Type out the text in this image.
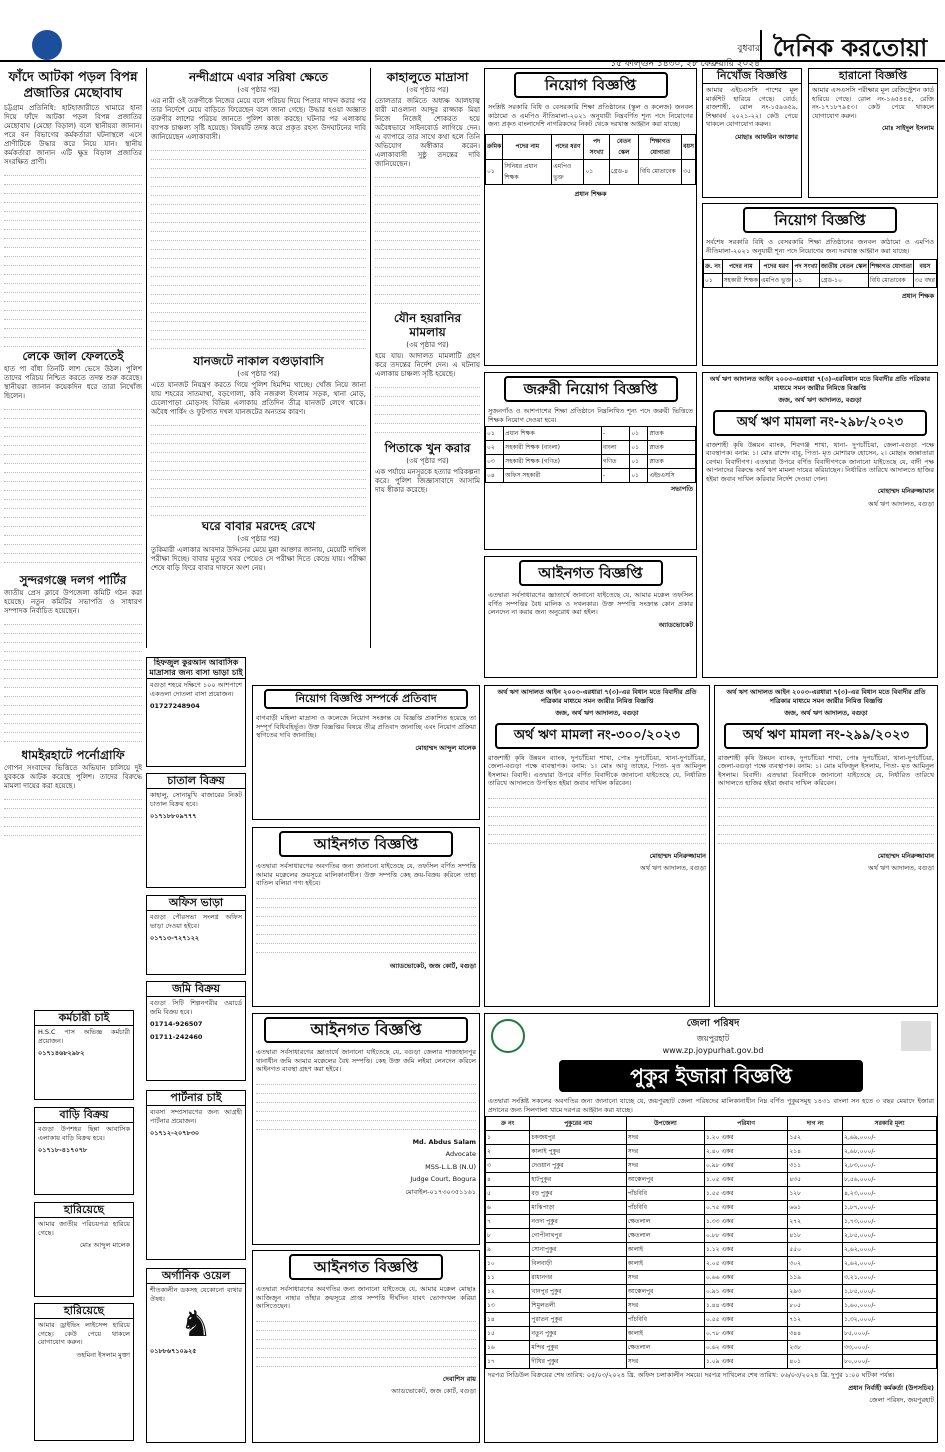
বুধবার
১৫ ফাল্গুন ১৪৩০, ২৮ ফেব্রুয়ারি ২০২৪
দৈনিক করতোয়া
ফাঁদে আটকা পড়ল বিপন্ন প্রজাতির মেছোবাঘ
চট্টগ্রাম প্রতিনিধি: হাটহাজারীতে খামারে হানা দিয়ে ফাঁদে আটকা পড়ল বিপন্ন প্রজাতির মেছোবাঘ (মেছো বিড়াল) বলে স্থানীয়রা জানান। পরে বন বিভাগের কর্মকর্তারা ঘটনাস্থলে এসে প্রাণীটিকে উদ্ধার করে নিয়ে যান। স্থানীয় কর্মকর্তারা জানান এটি ক্ষুদ্র বিড়াল প্রজাতির সংরক্ষিত প্রাণী।
লেকে জাল ফেলতেই
হাত পা বাঁধা তিনটি লাশ ভেসে উঠল। পুলিশ তাদের পরিচয় নিশ্চিত করতে তদন্ত শুরু করেছে। স্থানীয়রা জানান কয়েকদিন ধরে তারা নিখোঁজ ছিলেন।
সুন্দরগঞ্জে দলগ পার্টির
জাতীয় প্রেস ক্লাবে উপজেলা কমিটি গঠন করা হয়েছে। নতুন কমিটির সভাপতি ও সাধারণ সম্পাদক নির্বাচিত হয়েছেন।
ধামইরহাটে পর্নোগ্রাফি
গোপন সংবাদের ভিত্তিতে অভিযান চালিয়ে দুই যুবককে আটক করেছে পুলিশ। তাদের বিরুদ্ধে মামলা দায়ের করা হয়েছে।
কর্মচারী চাই
H.S.C পাস অভিজ্ঞ কর্মচারী প্রয়োজন।
০১৭১৪৬৮২৯৮২
বাড়ি বিক্রয়
বগুড়া উপশহর ছিন্না আবাসিক এলাকায় বাড়ি বিক্রয় হবে।
০১৭১৮-৪১৭০৭৮
হারিয়েছে
আমার জাতীয় পরিচয়পত্র হারিয়ে গেছে।
মোঃ আব্দুল মালেক
হারিয়েছে
আমার ড্রাইভিং লাইসেন্স হারিয়ে গেছে। কেউ পেয়ে থাকলে যোগাযোগ করুন।
তহমিনা ইসলাম মুক্তা
নন্দীগ্রামে এবার সরিষা ক্ষেতে
(৩য় পৃষ্ঠার পর)
এর নারী ওই তরুণীকে নিজের মেয়ে বলে পরিচয় দিয়ে পিতার দাফন করার পর তার নির্দেশে মেয়ে বাড়িতে ফিরেছেন বলে জানা গেছে। উদ্ধার হওয়া অজ্ঞাত তরুণীর লাশের পরিচয় জানতে পুলিশ কাজ করছে। ঘটনার পর এলাকায় ব্যাপক চাঞ্চল্য সৃষ্টি হয়েছে। বিষয়টি তদন্ত করে প্রকৃত রহস্য উদঘাটনের দাবি জানিয়েছেন এলাকাবাসী।
যানজটে নাকাল বগুড়াবাসি
(৩য় পৃষ্ঠার পর)
এতে যানজট নিয়ন্ত্রণ করতে গিয়ে পুলিশ হিমশিম খাচ্ছে। খোঁজ নিয়ে জানা যায় শহরের সাতমাথা, বড়গোলা, কবি নজরুল ইসলাম সড়ক, থানা মোড়, চেলোপাড়া মোড়সহ বিভিন্ন এলাকায় প্রতিদিন তীব্র যানজট লেগে থাকে। অবৈধ পার্কিং ও ফুটপাত দখল যানজটের অন্যতম কারণ।
ঘরে বাবার মরদেহ রেখে
(৩য় পৃষ্ঠার পর)
তুকিমারী এলাকার আবদার উদ্দিনের মেয়ে মুন্না আক্তার জানায়, মেয়েটি দাখিল পরীক্ষা দিচ্ছে। বাবার মৃত্যুর খবর পেয়েও সে পরীক্ষা দিতে কেন্দ্রে যায়। পরীক্ষা শেষে বাড়ি ফিরে বাবার দাফনে অংশ নেয়।
হিফজুল কুরআন আবাসিক মাদ্রাসার জন্য বাসা ভাড়া চাই
বগুড়া শহরে দক্ষিণে ১০০ আশপাশে একতলা দোতলা বাসা প্রয়োজন।
01727248904
চাতাল বিক্রয়
কাহালু, সোনামুখি বাজারের নিকট চাতাল বিক্রয় হবে।
০১৭১৮৮০৯৭৭৭
অফিস ভাড়া
বগুড়া পৌরসভা সংলগ্ন অফিস ভাড়া দেওয়া হইবে।
০১৭১৩-৭২৭১২২
জমি বিক্রয়
বগুড়া সিটি শিল্পনগরীর ওয়ার্ডে জমি বিক্রয় হবে।
01714-926507
01711-242460
পার্টনার চাই
ব্যবসা সম্প্রসারণের জন্য আগ্রহী পার্টনার প্রয়োজন।
০১৭১২-২০৭৮৩০
অর্গানিক ওয়েল
শীতকালীন ডকসহ যেকোনো ব্যথার ঔষধ।
♞
০১৮৮৬৭১০৯২৫
কাহালুতে মাদ্রাসা
(৩য় পৃষ্ঠার পর)
তোলতার জমিতে অধ্যক্ষ আলহাজ্ব বারী মাওলানা আব্দুর রাজ্জাক মিয়া নিজে নিজেই শোকরত হয়ে অবৈধভাবে সাইনবোর্ড লাগিয়ে দেন। এ ব্যাপারে তার সাথে কথা হলে তিনি অভিযোগ অস্বীকার করেন। এলাকাবাসী সুষ্ঠু তদন্তের দাবি জানিয়েছেন।
যৌন হয়রানির মামলায়
(৩য় পৃষ্ঠার পর)
হয়ে যায়। আদালত মামলাটি গ্রহণ করে তদন্তের নির্দেশ দেন। এ ঘটনায় এলাকায় চাঞ্চল্য সৃষ্টি হয়েছে।
পিতাকে খুন করার
(৩য় পৃষ্ঠার পর)
এক পর্যায়ে মনসুরকে হত্যার পরিকল্পনা করে। পুলিশ জিজ্ঞাসাবাদে আসামি দায় স্বীকার করেছে।
নিয়োগ বিজ্ঞপ্তি
সংশ্লিষ্ট সরকারি বিধি ও বেসরকারি শিক্ষা প্রতিষ্ঠানের (স্কুল ও কলেজ) জনবল কাঠামো ও এমপিও নীতিমালা-২০২১ অনুযায়ী নিম্নবর্ণিত শূন্য পদে নিয়োগের জন্য প্রকৃত বাংলাদেশি নাগরিকদের নিকট থেকে দরখাস্ত আহ্বান করা যাচ্ছে।
ক্রমিক	পদের নাম	পদের ধরণ	পদ সংখ্যা	বেতন স্কেল	শিক্ষাগত যোগ্যতা	বয়স
০১	সিনিয়র প্রধান শিক্ষক	এমপিও ভুক্ত	০১	গ্রেড-৪	বিধি মোতাবেক	৩৫
প্রধান শিক্ষক
নিখোঁজ বিজ্ঞপ্তি
আমার এইচএসসি পাশের মূল মার্কশিট হারিয়ে গেছে। বোর্ড: রাজশাহী, রোল নং-১৫৯৬৫৯, শিক্ষাবর্ষ ২০২১-২২। কেউ পেয়ে থাকলে যোগাযোগ করুন।
মোছাঃ আফরিন আক্তার
হারানো বিজ্ঞপ্তি
আমার এসএসসি পরীক্ষার মূল রেজিস্ট্রেশন কার্ড হারিয়ে গেছে। রোল নং-১৬৫৪৪৫, রেজি নং-১৭১৮৭৯৫৩। কেউ পেয়ে থাকলে যোগাযোগ করুন।
মোঃ সাইদুল ইসলাম
নিয়োগ বিজ্ঞপ্তি
সর্বশেষ সরকারি বিধি ও বেসরকারি শিক্ষা প্রতিষ্ঠানের জনবল কাঠামো ও এমপিও নীতিমালা-২০২১ অনুযায়ী শূন্য পদে নিয়োগের জন্য দরখাস্ত আহ্বান করা যাচ্ছে।
ক্র. নং	পদের নাম	পদের ধরণ	পদ সংখ্যা	জাতীয় বেতন স্কেল	শিক্ষাগত যোগ্যতা	বয়স
০১	সহকারী শিক্ষক	এমপিও ভুক্ত	০১	গ্রেড-১০	বিধি মোতাবেক	৩৫ বছর
প্রধান শিক্ষক
জরুরী নিয়োগ বিজ্ঞপ্তি
সুজনগাঁও ও আশপাশের শিক্ষা প্রতিষ্ঠানে নিম্নলিখিত শূন্য পদে জরুরী ভিত্তিতে শিক্ষক নিয়োগ দেওয়া হবে।
০১	প্রধান শিক্ষক	-	০১	স্নাতক
০২	সহকারী শিক্ষক (বাংলা)	বাংলা	০১	স্নাতক
০৩	সহকারী শিক্ষক (গণিত)	গণিত	০১	স্নাতক
০৪	অফিস সহকারী	-	০১	এইচএসসি
সভাপতি
আইনগত বিজ্ঞপ্তি
এতদ্বারা সর্বসাধারণের জ্ঞাতার্থে জানানো যাইতেছে যে, আমার মক্কেল তফসিল বর্ণিত সম্পত্তির বৈধ মালিক ও দখলকার। উক্ত সম্পত্তি সংক্রান্ত কোন প্রকার লেনদেন না করার জন্য অনুরোধ করা হইল।
অ্যাডভোকেট
অর্থ ঋণ আদালত আইন ২০০৩-এরধারা ৭(৩)-এরবিধান মতে বিবাদীর প্রতি পত্রিকার মাধ্যমে সমন জারীর নিমিত্তে বিজ্ঞপ্তি
জজ, অর্থ ঋণ আদালত, বগুড়া
অর্থ ঋণ মামলা নং-২৯৮/২০২৩
রাজশাহী কৃষি উন্নয়ন ব্যাংক, শিবগঞ্জ শাখা, থানা- দুপচাঁচিয়া, জেলা-বগুড়া পক্ষে ব্যবস্থাপক। বনাম: ১। মোঃ রাশেদ বাবু, পিতা- মৃত মোশারফ হোসেন, ২। মোছাঃ জান্নাতারা বেগম। বিবাদীগণ। এতদ্বারা উপরে বর্ণিত বিবাদীগণকে জানানো যাইতেছে যে, বাদী পক্ষ আপনাদের বিরুদ্ধে অর্থ ঋণ মামলা দায়ের করিয়াছেন। নির্ধারিত তারিখে আদালতে হাজির হইয়া জবাব দাখিল করিবার নির্দেশ দেওয়া গেল।
মোহাম্মদ মনিরুজ্জামান
অর্থ ঋণ আদালত, বগুড়া
নিয়োগ বিজ্ঞপ্তি সম্পর্কে প্রতিবাদ
বাগবাড়ী মহিলা মাদ্রাসা ও কলেজে নিয়োগ সংক্রান্ত যে বিজ্ঞপ্তি প্রকাশিত হয়েছে তা সম্পূর্ণ বিধিবহির্ভূত। উক্ত বিজ্ঞপ্তির বিষয়ে তীব্র প্রতিবাদ জানাচ্ছি এবং নিয়োগ প্রক্রিয়া স্থগিতের দাবি জানাচ্ছি।
মোহাম্মদ আব্দুল মালেক
আইনগত বিজ্ঞপ্তি
এতদ্বারা সর্বসাধারণের অবগতির জন্য জানানো যাইতেছে যে, তফসিল বর্ণিত সম্পত্তি আমার মক্কেলের ক্রয়সূত্রে মালিকানাধীন। উক্ত সম্পত্তি কেহ ক্রয়-বিক্রয় করিলে তাহা বাতিল বলিয়া গণ্য হইবে।
অ্যাডভোকেট, জজ কোর্ট, বগুড়া
অর্থ ঋণ আদালত আইন ২০০৩-এরধারা ৭(৩)-এর বিধান মতে বিবাদীর প্রতি পত্রিকার মাধ্যমে সমন জারীর নিমিত্ত বিজ্ঞপ্তি
জজ, অর্থ ঋণ আদালত, বগুড়া
অর্থ ঋণ মামলা নং-৩০০/২০২৩
রাজশাহী কৃষি উন্নয়ন ব্যাংক, দুপচাঁচিয়া শাখা, পোঃ দুপচাঁচিয়া, থানা-দুপচাঁচিয়া, জেলা-বগুড়া পক্ষে ব্যবস্থাপক। বনাম: ১। মোঃ আবু তাহের, পিতা- মৃত আমিনুল ইসলাম। বিবাদী। এতদ্বারা উপরে বর্ণিত বিবাদীকে জানানো যাইতেছে যে, নির্ধারিত তারিখে আদালতে উপস্থিত হইয়া জবাব দাখিল করিবেন।
মোহাম্মদ মনিরুজ্জামান
অর্থ ঋণ আদালত, বগুড়া
অর্থ ঋণ আদালত আইন ২০০৩-এরধারা ৭(৩)-এর বিধান মতে বিবাদীর প্রতি পত্রিকার মাধ্যমে সমন জারীর নিমিত্ত বিজ্ঞপ্তি
জজ, অর্থ ঋণ আদালত, বগুড়া
অর্থ ঋণ মামলা নং-২৯৯/২০২৩
রাজশাহী কৃষি উন্নয়ন ব্যাংক, দুপচাঁচিয়া শাখা, পোঃ দুপচাঁচিয়া, থানা-দুপচাঁচিয়া, জেলা-বগুড়া পক্ষে ব্যবস্থাপক। বনাম: ১। মোঃ মফিজুল ইসলাম, পিতা- মৃত আমিনুল ইসলাম। বিবাদী। এতদ্বারা বিবাদীকে জানানো যাইতেছে যে, নির্ধারিত তারিখে আদালতে হাজির হইয়া জবাব দাখিল করিবেন।
মোহাম্মদ মনিরুজ্জামান
অর্থ ঋণ আদালত, বগুড়া
আইনগত বিজ্ঞপ্তি
এতদ্বারা সর্বসাধারণের জ্ঞাতার্থে জানানো যাইতেছে যে, বগুড়া জেলার শাজাহানপুর থানাধীন জমি আমার মক্কেলের বৈধ সম্পত্তি। কেহ উক্ত জমি লইয়া লেনদেন করিলে আইনগত ব্যবস্থা গ্রহণ করা হইবে।
Md. Abdus Salam
Advocate
MSS-L.L.B (N.U)
Judge Court, Bogura
মোবাইল-০১৭৩০৩৫১১৬১
আইনগত বিজ্ঞপ্তি
এতদ্বারা সর্বসাধারণের অবগতির জন্য জানানো যাইতেছে যে, আমার মক্কেল মোছাঃ আজিজুন নাহার তাঁহার ক্রয়সূত্রে প্রাপ্ত সম্পত্তি দীর্ঘদিন যাবৎ ভোগদখল করিয়া আসিতেছেন।
দেবাশিস রায়
অ্যাডভোকেট, জজ কোর্ট, বগুড়া
জেলা পরিষদ
জয়পুরহাট
www.zp.joypurhat.gov.bd
পুকুর ইজারা বিজ্ঞপ্তি
এতদ্বারা সংশ্লিষ্ট সকলের অবগতির জন্য জানানো যাচ্ছে যে, জয়পুরহাট জেলা পরিষদের মালিকানাধীন নিম্ন বর্ণিত পুকুরসমূহ ১৪৩১ বাংলা সন হতে ৩ বছর মেয়াদে ইজারা প্রদানের জন্য সিলগালা খামে দরপত্র আহ্বান করা যাচ্ছে।
ক্র নং	পুকুরের নাম	উপজেলা	পরিমাণ	দাগ নং	সরকারি মূল্য
১	চকজয়পুর	সদর	১.২০ একর	১৫২	২,৬৯,০০০/-
২	কালাই পুকুর	সদর	২.৪০ একর	২১৪	২,৬৮,০০০/-
৩	দেওয়ান পুকুর	সদর	০.৯৮ একর	৩১১	২,৮৩,০০০/-
৪	হাটপুকুর	আক্কেলপুর	১.০৫ একর	৪৩৫	৮,৫৬,০০০/-
৫	বড় পুকুর	পাঁচবিবি	১.৫৫ একর	১২৮	৪,২৩,০০০/-
৬	মাঝিপাড়া	পাঁচবিবি	০.৭৫ একর	৬৬১	১,৮৭,০০০/-
৭	নওদা পুকুর	ক্ষেতলাল	১.৩৩ একর	২৭২	১,৭৩,০০০/-
৮	গোপীনাথপুর	ক্ষেতলাল	০.৮৮ একর	৪১৮	২,৮৫,০০০/-
৯	সোনাপুকুর	কালাই	১.১২ একর	৫৫০	২,৬২,০০০/-
১০	বিলবাড়ী	কালাই	২.০৫ একর	৩০২	২,৬২,০০০/-
১১	রাধানগর	সদর	০.৬৬ একর	১১৯	৩,২১,০০০/-
১২	খানপুর পুকুর	আক্কেলপুর	০.৯১ একর	২৯৩	১,৮৫,০০০/-
১৩	শিমুলতলী	সদর	১.৪৪ একর	৮০৫	১,৬০,০০০/-
১৪	পুরাতন পুকুর	পাঁচবিবি	০.৫৫ একর	৭১২	১,৩২,০০০/-
১৫	নতুন পুকুর	কালাই	০.৭৮ একর	৩৪৪	৮৫,০০০/-
১৬	মন্দির পুকুর	ক্ষেতলাল	০.৬২ একর	২৩৮	৩৩,০০০/-
১৭	দীঘির পুকুর	সদর	১.০৯ একর	৪০১	৮০,০০০/-
দরপত্র সিডিউল বিক্রয়ের শেষ তারিখ: ০৫/০৩/২০২৪ খ্রি. অফিস চলাকালীন সময়ে। দরপত্র দাখিলের শেষ তারিখ: ০৬/০৩/২০২৪ খ্রি. দুপুর ১:০০ ঘটিকা পর্যন্ত।
প্রধান নির্বাহী কর্মকর্তা (উপসচিব)
জেলা পরিষদ, জয়পুরহাট
